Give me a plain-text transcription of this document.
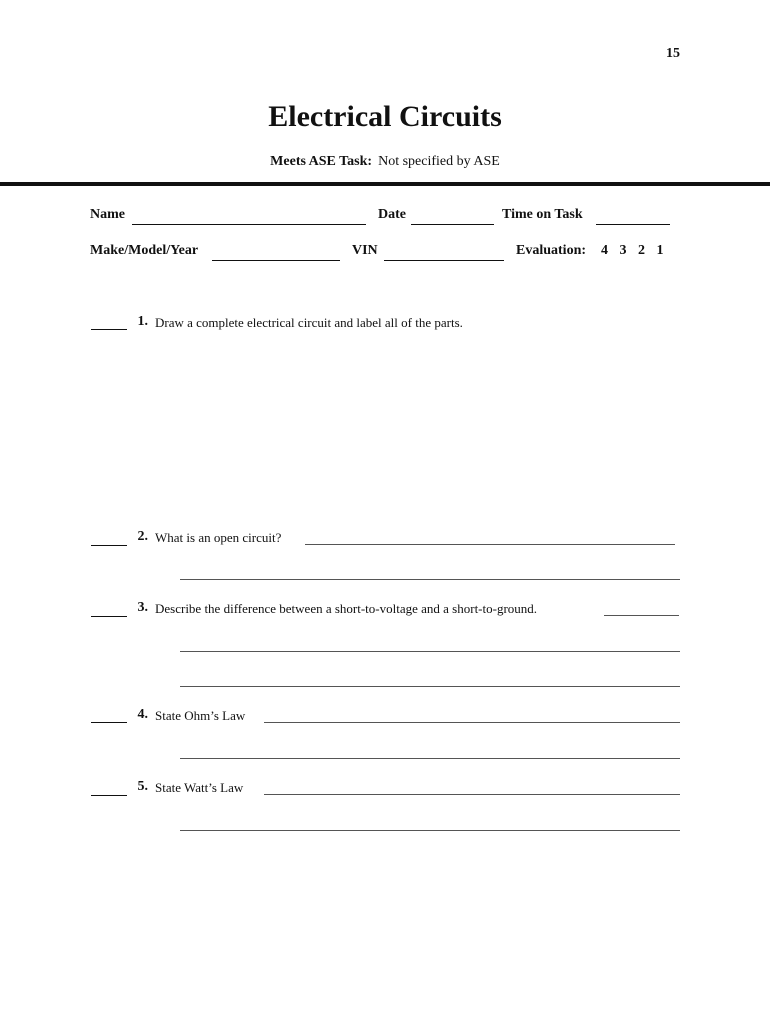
15
Electrical Circuits
Meets ASE Task: Not specified by ASE
Name	Date	Time on Task
Make/Model/Year	VIN	Evaluation: 4 3 2 1
1. Draw a complete electrical circuit and label all of the parts.
2. What is an open circuit?
3. Describe the difference between a short-to-voltage and a short-to-ground.
4. State Ohm’s Law
5. State Watt’s Law
